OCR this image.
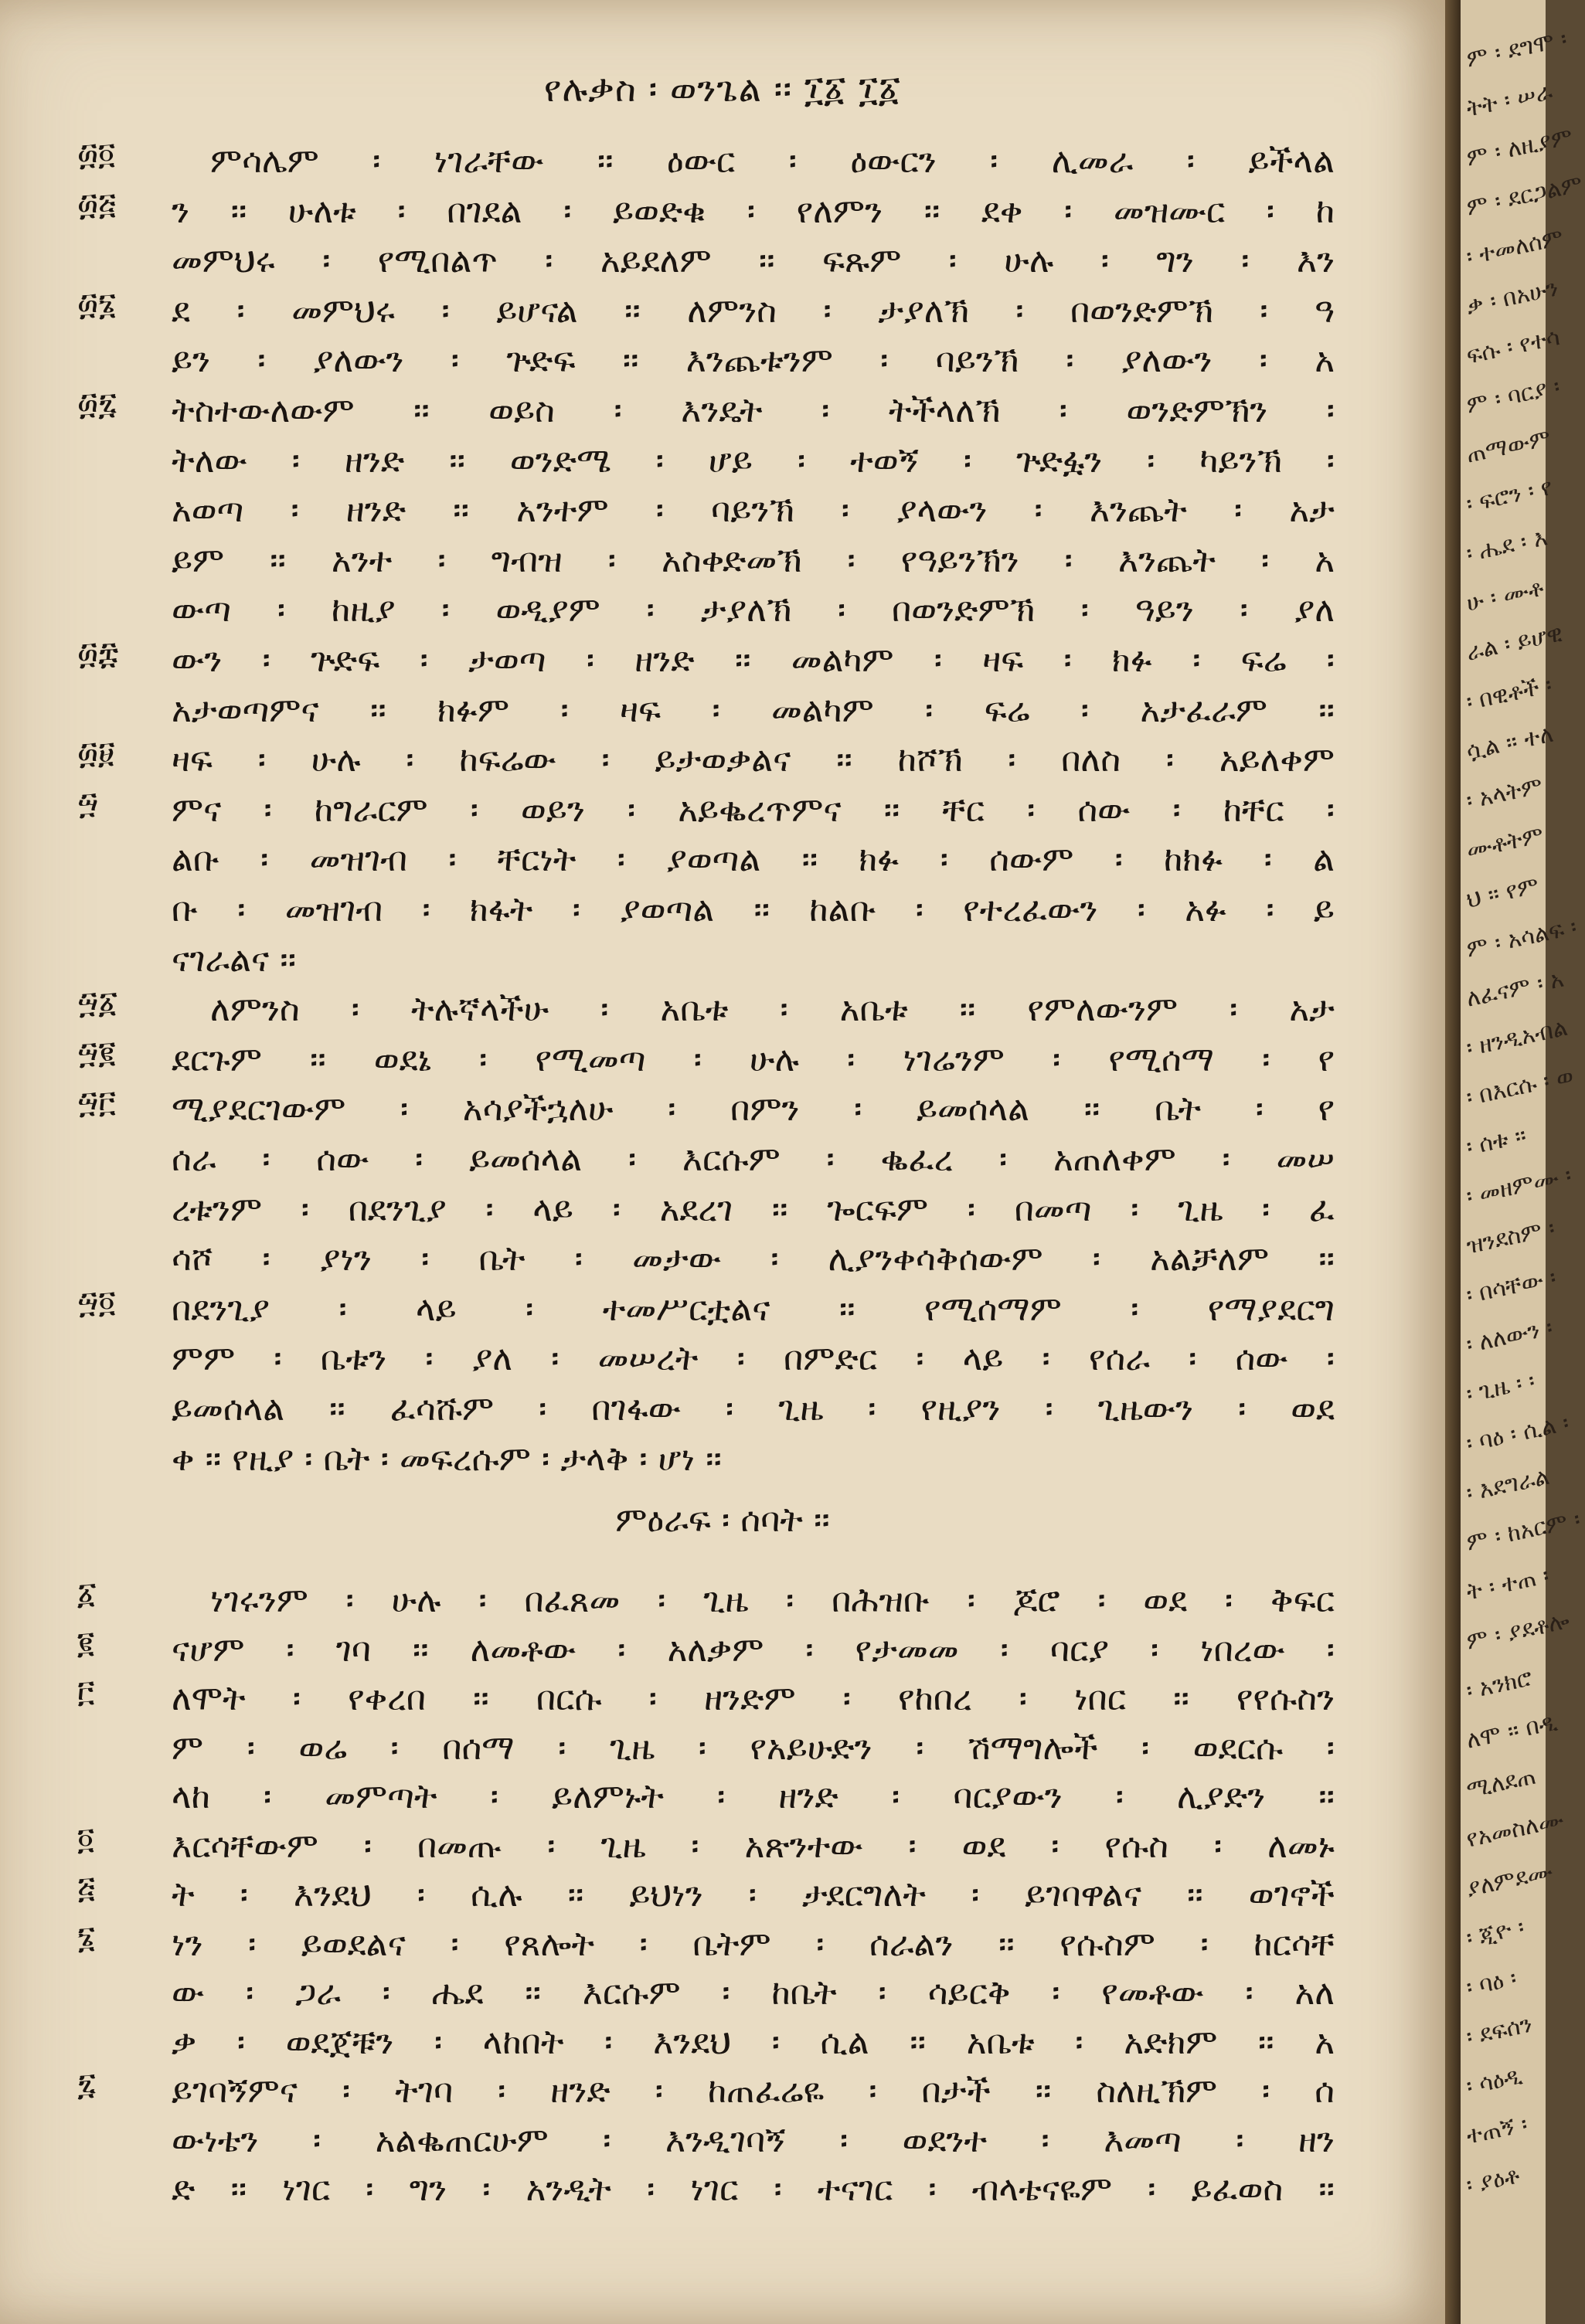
የሉቃስ ፡ ወንጌል ፡፡ ፲፩ ፲፩
፴፬	ምሳሌም ፡ ነገራቸው ፡፡ ዕውር ፡ ዕውርን ፡ ሊመራ ፡ ይችላል
፴፭ ን ፡፡ ሁለቱ ፡ በገደል ፡ ይወድቁ ፡ የለምን ፡፡ ደቀ ፡ መዝሙር ፡ ከ
መምህሩ ፡ የሚበልጥ ፡ አይደለም ፡፡ ፍጹም ፡ ሁሉ ፡ ግን ፡ እን
፴፮ ደ ፡ መምህሩ ፡ ይሆናል ፡፡ ለምንስ ፡ ታያለኽ ፡ በወንድምኽ ፡ ዓ
ይን ፡ ያለውን ፡ ጕድፍ ፡፡ እንጨቱንም ፡ ባይንኽ ፡ ያለውን ፡ አ
፴፯ ትስተውለውም ፡፡ ወይስ ፡ እንዴት ፡ ትችላለኽ ፡ ወንድምኽን ፡
ትለው ፡ ዘንድ ፡፡ ወንድሜ ፡ ሆይ ፡ ተወኝ ፡ ጕድፏን ፡ ካይንኽ ፡
አወጣ ፡ ዘንድ ፡፡ አንተም ፡ ባይንኽ ፡ ያላውን ፡ እንጨት ፡ አታ
ይም ፡፡ አንተ ፡ ግብዝ ፡ አስቀድመኽ ፡ የዓይንኽን ፡ እንጨት ፡ አ
ውጣ ፡ ከዚያ ፡ ወዲያም ፡ ታያለኽ ፡ በወንድምኽ ፡ ዓይን ፡ ያለ
፴፰ ውን ፡ ጕድፍ ፡ ታወጣ ፡ ዘንድ ፡፡ መልካም ፡ ዛፍ ፡ ክፉ ፡ ፍሬ ፡
አታወጣምና ፡፡ ክፉም ፡ ዛፍ ፡ መልካም ፡ ፍሬ ፡ አታፈራም ፡፡
፴፱ ዛፍ ፡ ሁሉ ፡ ከፍሬው ፡ ይታወቃልና ፡፡ ከሾኽ ፡ በለስ ፡ አይለቀም
፵ ምና ፡ ከግራርም ፡ ወይን ፡ አይቈረጥምና ፡፡ ቸር ፡ ሰው ፡ ከቸር ፡
ልቡ ፡ መዝገብ ፡ ቸርነት ፡ ያወጣል ፡፡ ክፉ ፡ ሰውም ፡ ከክፉ ፡ ል
ቡ ፡ መዝገብ ፡ ክፋት ፡ ያወጣል ፡፡ ከልቡ ፡ የተረፈውን ፡ አፉ ፡ ይ
ናገራልና ፡፡
፵፩	ለምንስ ፡ ትሉኛላችሁ ፡ አቤቱ ፡ አቤቱ ፡፡ የምለውንም ፡ አታ
፵፪ ደርጉም ፡፡ ወደኔ ፡ የሚመጣ ፡ ሁሉ ፡ ነገሬንም ፡ የሚሰማ ፡ የ
፵፫ ሚያደርገውም ፡ አሳያችኋለሁ ፡ በምን ፡ ይመሰላል ፡፡ ቤት ፡ የ
ሰራ ፡ ሰው ፡ ይመሰላል ፡ እርሱም ፡ ቈፈረ ፡ አጠለቀም ፡ መሠ
ረቱንም ፡ በደንጊያ ፡ ላይ ፡ አደረገ ፡፡ ጐርፍም ፡ በመጣ ፡ ጊዜ ፡ ፈ
ሳሾ ፡ ያነን ፡ ቤት ፡ መታው ፡ ሊያንቀሳቅሰውም ፡ አልቻለም ፡፡
፵፬ በደንጊያ ፡ ላይ ፡ ተመሥርቷልና ፡፡ የሚሰማም ፡ የማያደርግ
ምም ፡ ቤቱን ፡ ያለ ፡ መሠረት ፡ በምድር ፡ ላይ ፡ የሰራ ፡ ሰው ፡
ይመሰላል ፡፡ ፈሳሹም ፡ በገፋው ፡ ጊዜ ፡ የዚያን ፡ ጊዜውን ፡ ወደ
ቀ ፡፡ የዚያ ፡ ቤት ፡ መፍረሱም ፡ ታላቅ ፡ ሆነ ፡፡
ምዕራፍ ፡ ሰባት ፡፡
፩	ነገሩንም ፡ ሁሉ ፡ በፈጸመ ፡ ጊዜ ፡ በሕዝቡ ፡ ጆሮ ፡ ወደ ፡ ቅፍር
፪ ናሆም ፡ ገባ ፡፡ ለመቶው ፡ አለቃም ፡ የታመመ ፡ ባርያ ፡ ነበረው ፡
፫ ለሞት ፡ የቀረበ ፡፡ በርሱ ፡ ዘንድም ፡ የከበረ ፡ ነበር ፡፡ የየሱስን
ም ፡ ወሬ ፡ በሰማ ፡ ጊዜ ፡ የአይሁድን ፡ ሽማግሎች ፡ ወደርሱ ፡
ላከ ፡ መምጣት ፡ ይለምኑት ፡ ዘንድ ፡ ባርያውን ፡ ሊያድን ፡፡
፬ እርሳቸውም ፡ በመጡ ፡ ጊዜ ፡ አጽንተው ፡ ወደ ፡ የሱስ ፡ ለመኑ
፭ ት ፡ እንደህ ፡ ሲሉ ፡፡ ይህነን ፡ ታደርግለት ፡ ይገባዋልና ፡፡ ወገኖች
፮ ነን ፡ ይወደልና ፡ የጸሎት ፡ ቤትም ፡ ሰራልን ፡፡ የሱስም ፡ ከርሳቸ
ው ፡ ጋራ ፡ ሔደ ፡፡ እርሱም ፡ ከቤት ፡ ሳይርቅ ፡ የመቶው ፡ አለ
ቃ ፡ ወደጀቹን ፡ ላከበት ፡ እንደህ ፡ ሲል ፡፡ አቤቱ ፡ አድክም ፡፡ አ
፯ ይገባኝምና ፡ ትገባ ፡ ዘንድ ፡ ከጠፈሬዬ ፡ በታች ፡፡ ስለዚኽም ፡ ሰ
ውነቴን ፡ አልቈጠርሁም ፡ እንዲገባኝ ፡ ወደንተ ፡ እመጣ ፡ ዘን
ድ ፡፡ ነገር ፡ ግን ፡ አንዲት ፡ ነገር ፡ ተናገር ፡ ብላቴናዬም ፡ ይፈወስ ፡፡
ም ፡ ደግሞ ፡
ትት ፡ ሠራ
ም ፡ ለዚያም
ም ፡ ደርጋልም
፡ ተመለሰም
ቃ ፡ በአሁን
ፍሱ ፡ የተሳ
ም ፡ ባርያ ፡
ጠማውም
፡ ፍሮን ፡ የ
፡ ሔደ ፡ እ
ሁ ፡ ሙቶ
ራል ፡ ይሆዊ
፡ በዊቶች ፡
ሷል ፡፡ ተለ
፡ አላትም
ሙቶትም
ህ ፡፡ የም
ም ፡ አሳልፍ ፡
ለፈናም ፡ አ
፡ ዘንዲአብል
፡ በእርሱ ፡ ወ
፡ ሰቱ ፡፡
፡ መዘምሙ ፡
ዝንደስም ፡
፡ በሳቸው ፡
፡ ለለውን ፡
፡ ጊዜ ፡ ፡
፡ ባዕ ፡ ሲል ፡
፡ እደግራል
ም ፡ ከአርም ፡
ት ፡ ተጠ ፡
ም ፡ ያደቶሎ
፡ አንክሮ
ለሞ ፡፡ በዲ
ሚለደጠ
የአመስለሙ
ያለምደሙ
፡ ጂዮ ፡
፡ ባዕ ፡
፡ ደፍሰን
፡ ሳዕዲ
ተጠኝ ፡
፡ ያዕቶ
